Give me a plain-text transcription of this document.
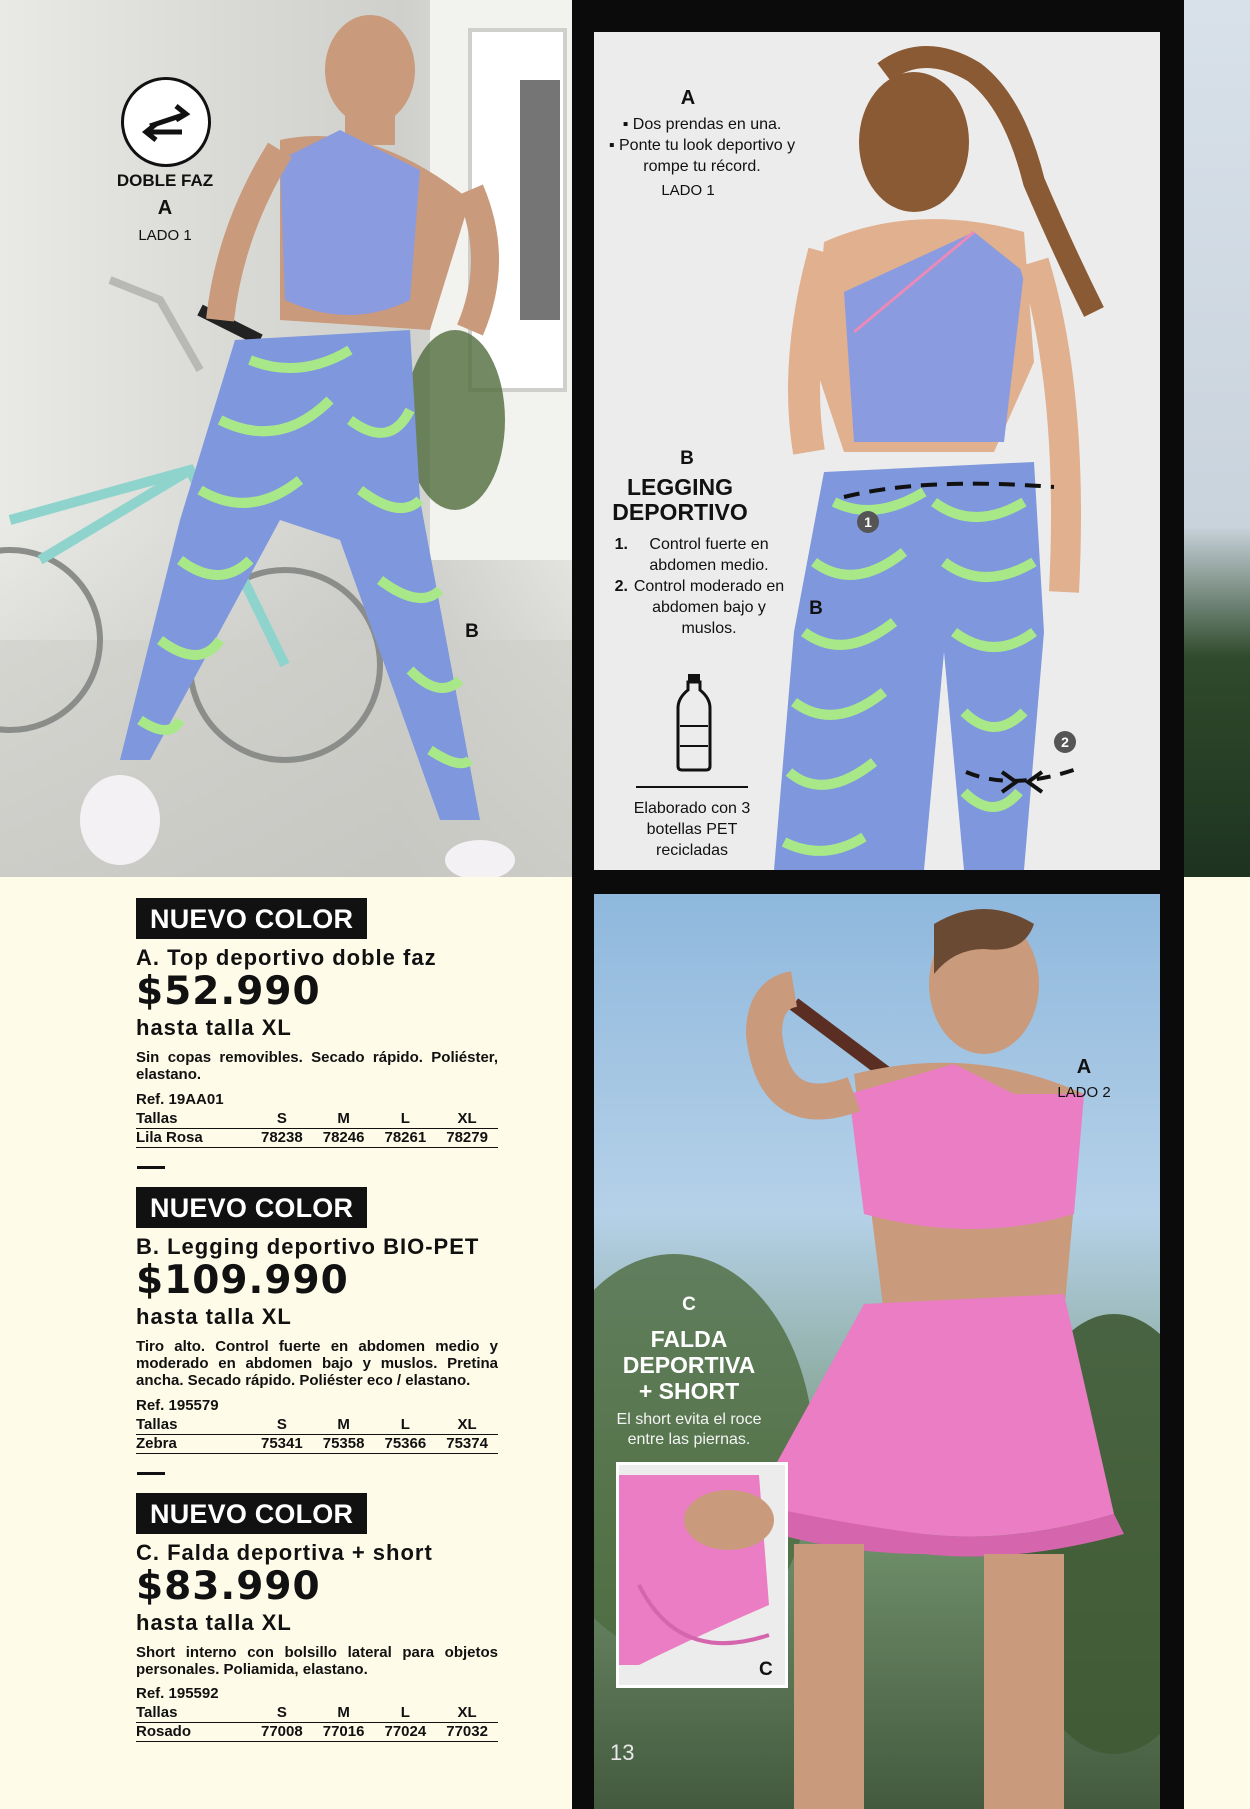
DOBLE FAZ
A
LADO 1
B
1
2
A
▪ Dos prendas en una.
▪ Ponte tu look deportivo y rompe tu récord.
LADO 1
B
LEGGING
DEPORTIVO
1.	Control fuerte en abdomen medio.
2. Control moderado en abdomen bajo y muslos.
B
Elaborado con 3 botellas PET recicladas
C
A
LADO 2
C
FALDA
DEPORTIVA
+ SHORT
El short evita el roce entre las piernas.
13
NUEVO COLOR
A. Top deportivo doble faz
$52.990
hasta talla XL
Sin copas removibles. Secado rápido. Poliéster, elastano.
Ref. 19AA01
Tallas	S	M	L	XL
Lila Rosa	78238	78246	78261	78279
NUEVO COLOR
B. Legging deportivo BIO-PET
$109.990
hasta talla XL
Tiro alto. Control fuerte en abdomen medio y moderado en abdomen bajo y muslos. Pretina ancha. Secado rápido. Poliéster eco / elastano.
Ref. 195579
Tallas	S	M	L	XL
Zebra	75341	75358	75366	75374
NUEVO COLOR
C. Falda deportiva + short
$83.990
hasta talla XL
Short interno con bolsillo lateral para objetos personales. Poliamida, elastano.
Ref. 195592
Tallas	S	M	L	XL
Rosado	77008	77016	77024	77032
